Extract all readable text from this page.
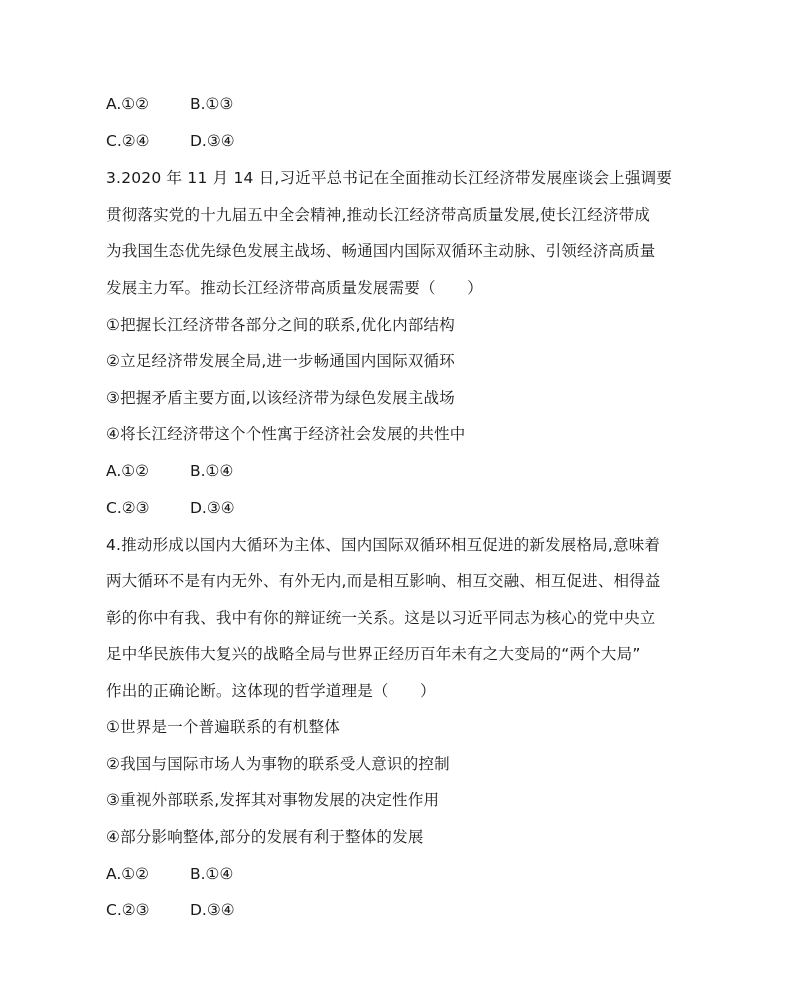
A.①②	B.①③
C.②④	D.③④
3.2020 年 11 月 14 日,习近平总书记在全面推动长江经济带发展座谈会上强调要
贯彻落实党的十九届五中全会精神,推动长江经济带高质量发展,使长江经济带成
为我国生态优先绿色发展主战场、畅通国内国际双循环主动脉、引领经济高质量
发展主力军。推动长江经济带高质量发展需要（　　）
①把握长江经济带各部分之间的联系,优化内部结构
②立足经济带发展全局,进一步畅通国内国际双循环
③把握矛盾主要方面,以该经济带为绿色发展主战场
④将长江经济带这个个性寓于经济社会发展的共性中
A.①②	B.①④
C.②③	D.③④
4.推动形成以国内大循环为主体、国内国际双循环相互促进的新发展格局,意味着
两大循环不是有内无外、有外无内,而是相互影响、相互交融、相互促进、相得益
彰的你中有我、我中有你的辩证统一关系。这是以习近平同志为核心的党中央立
足中华民族伟大复兴的战略全局与世界正经历百年未有之大变局的“两个大局”
作出的正确论断。这体现的哲学道理是（　　）
①世界是一个普遍联系的有机整体
②我国与国际市场人为事物的联系受人意识的控制
③重视外部联系,发挥其对事物发展的决定性作用
④部分影响整体,部分的发展有利于整体的发展
A.①②	B.①④
C.②③	D.③④
